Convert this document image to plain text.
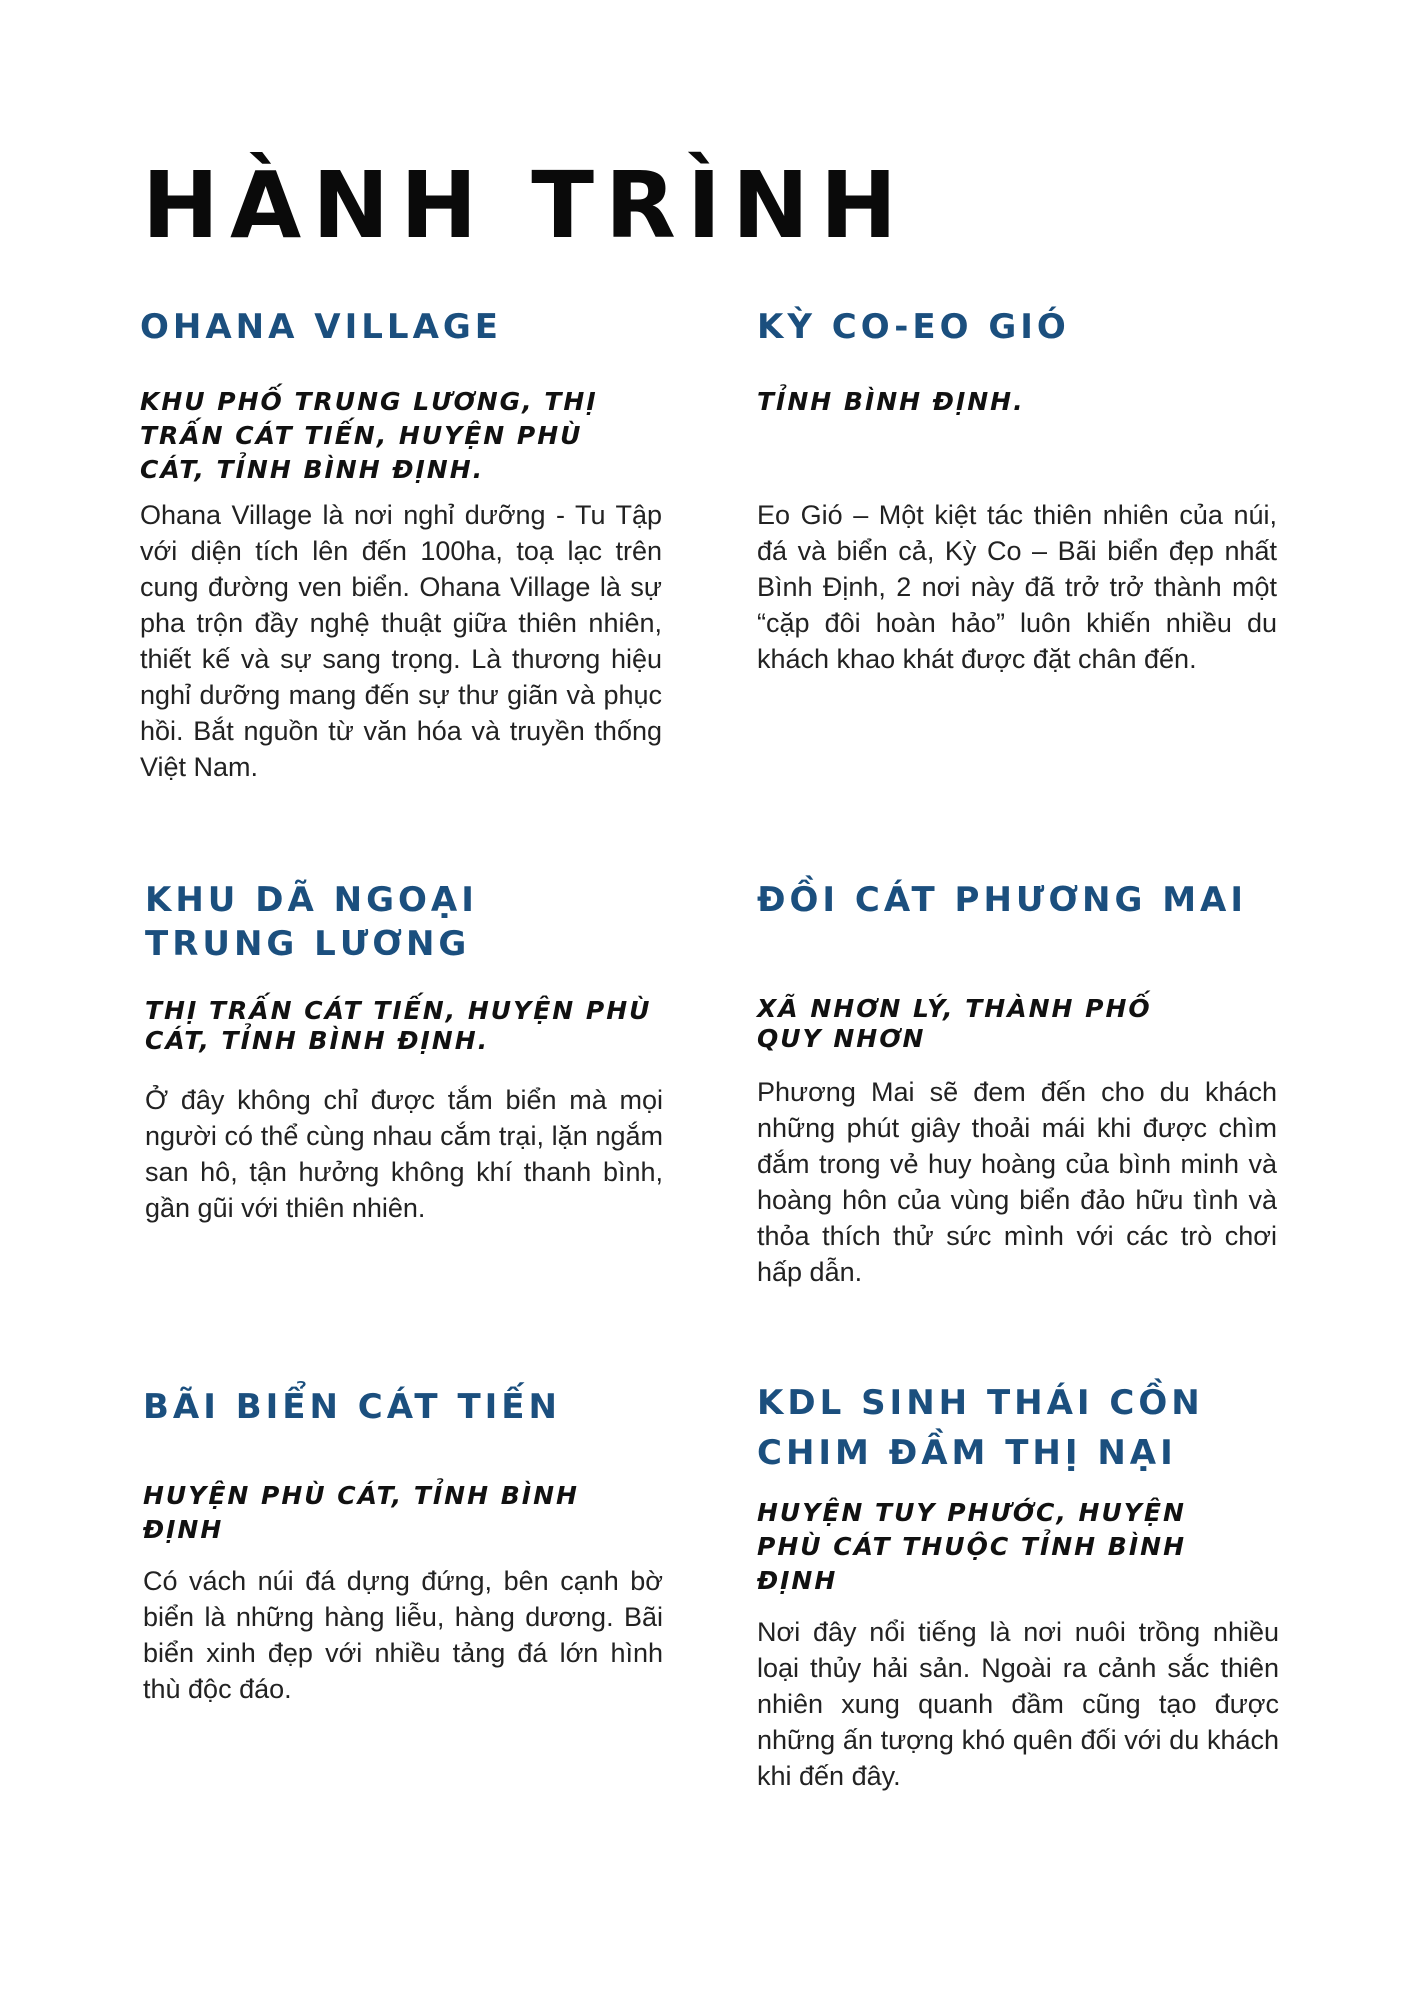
HÀNH TRÌNH
OHANA VILLAGE

KHU PHỐ TRUNG LƯƠNG, THỊ TRẤN CÁT TIẾN, HUYỆN PHÙ CÁT, TỈNH BÌNH ĐỊNH.

Ohana Village là nơi nghỉ dưỡng - Tu Tập với diện tích lên đến 100ha, toạ lạc trên cung đường ven biển. Ohana Village là sự pha trộn đầy nghệ thuật giữa thiên nhiên, thiết kế và sự sang trọng. Là thương hiệu nghỉ dưỡng mang đến sự thư giãn và phục hồi. Bắt nguồn từ văn hóa và truyền thống Việt Nam.

KỲ CO-EO GIÓ

TỈNH BÌNH ĐỊNH.

Eo Gió – Một kiệt tác thiên nhiên của núi, đá và biển cả, Kỳ Co – Bãi biển đẹp nhất Bình Định, 2 nơi này đã trở trở thành một “cặp đôi hoàn hảo” luôn khiến nhiều du khách khao khát được đặt chân đến.

KHU DÃ NGOẠI TRUNG LƯƠNG

THỊ TRẤN CÁT TIẾN, HUYỆN PHÙ CÁT, TỈNH BÌNH ĐỊNH.

Ở đây không chỉ được tắm biển mà mọi người có thể cùng nhau cắm trại, lặn ngắm san hô, tận hưởng không khí thanh bình, gần gũi với thiên nhiên.

ĐỒI CÁT PHƯƠNG MAI

XÃ NHƠN LÝ, THÀNH PHỐ QUY NHƠN

Phương Mai sẽ đem đến cho du khách những phút giây thoải mái khi được chìm đắm trong vẻ huy hoàng của bình minh và hoàng hôn của vùng biển đảo hữu tình và thỏa thích thử sức mình với các trò chơi hấp dẫn.

BÃI BIỂN CÁT TIẾN

HUYỆN PHÙ CÁT, TỈNH BÌNH ĐỊNH

Có vách núi đá dựng đứng, bên cạnh bờ biển là những hàng liễu, hàng dương. Bãi biển xinh đẹp với nhiều tảng đá lớn hình thù độc đáo.

KDL SINH THÁI CỒN CHIM ĐẦM THỊ NẠI

HUYỆN TUY PHƯỚC, HUYỆN PHÙ CÁT THUỘC TỈNH BÌNH ĐỊNH

Nơi đây nổi tiếng là nơi nuôi trồng nhiều loại thủy hải sản. Ngoài ra cảnh sắc thiên nhiên xung quanh đầm cũng tạo được những ấn tượng khó quên đối với du khách khi đến đây.
